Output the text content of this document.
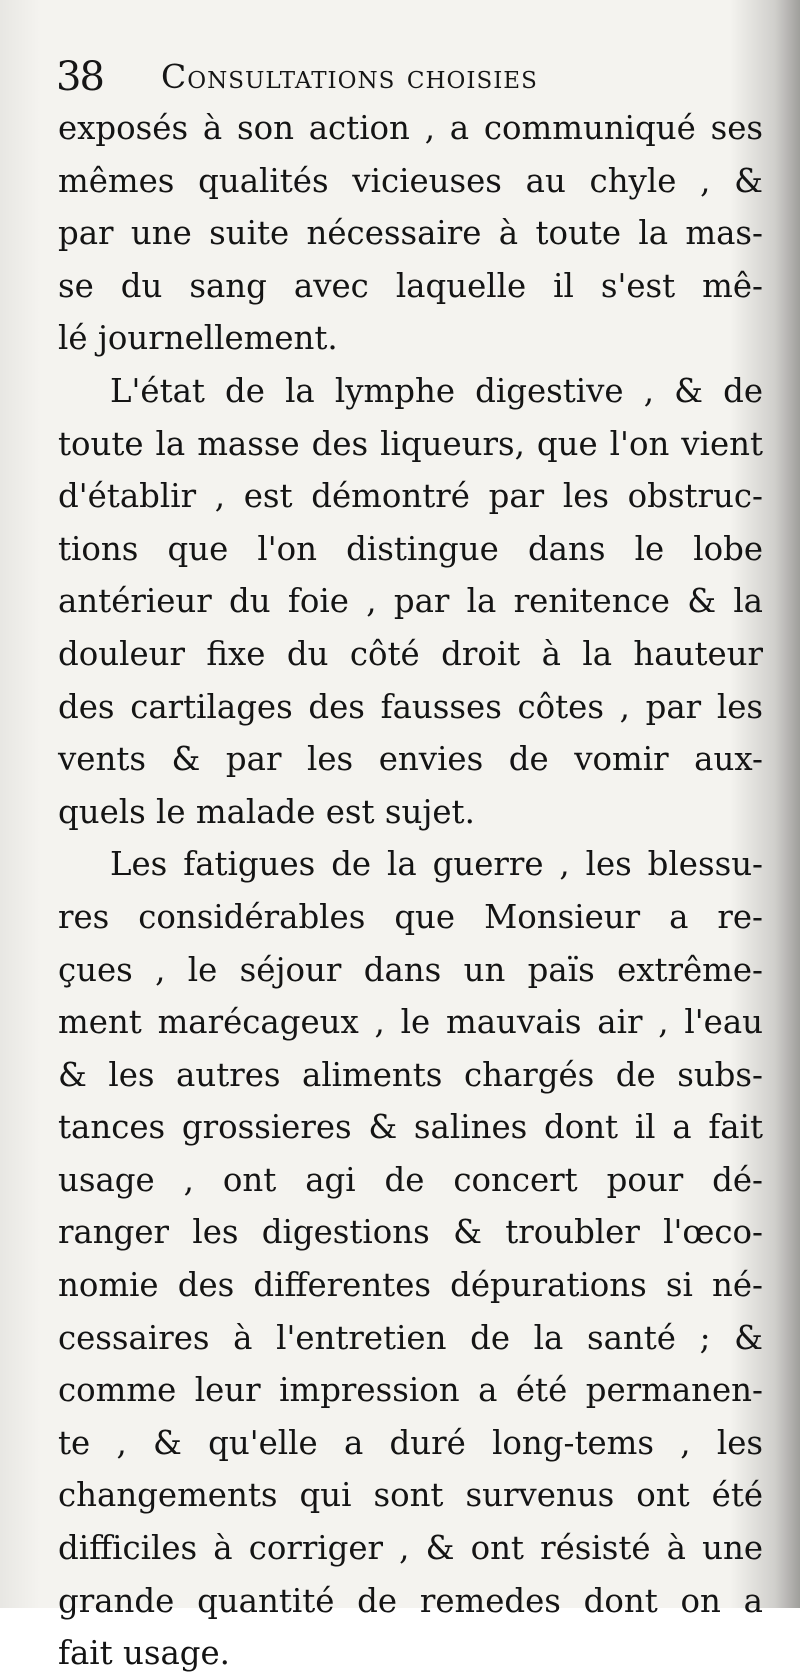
38 Consultations choisies
exposés à son action , a communiqué ses
mêmes qualités vicieuses au chyle , &
par une suite nécessaire à toute la mas-
se du sang avec laquelle il s'est mê-
lé journellement.
L'état de la lymphe digestive , & de
toute la masse des liqueurs, que l'on vient
d'établir , est démontré par les obstruc-
tions que l'on distingue dans le lobe
antérieur du foie , par la renitence & la
douleur fixe du côté droit à la hauteur
des cartilages des fausses côtes , par les
vents & par les envies de vomir aux-
quels le malade est sujet.
Les fatigues de la guerre , les blessu-
res considérables que Monsieur a re-
çues , le séjour dans un païs extrême-
ment marécageux , le mauvais air , l'eau
& les autres aliments chargés de subs-
tances grossieres & salines dont il a fait
usage , ont agi de concert pour dé-
ranger les digestions & troubler l'œco-
nomie des differentes dépurations si né-
cessaires à l'entretien de la santé ; &
comme leur impression a été permanen-
te , & qu'elle a duré long-tems , les
changements qui sont survenus ont été
difficiles à corriger , & ont résisté à une
grande quantité de remedes dont on a
fait usage.
